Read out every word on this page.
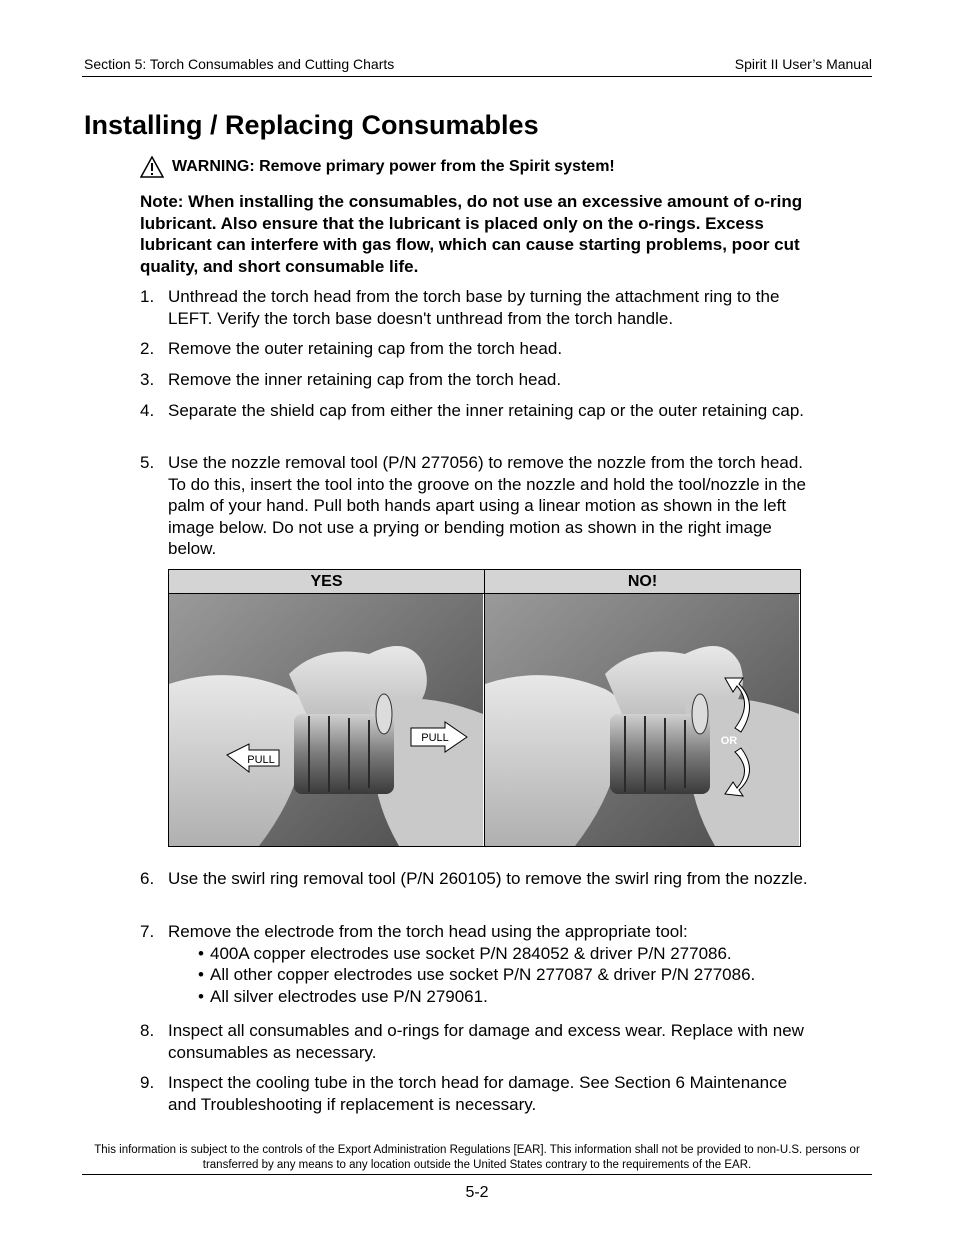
Section 5: Torch Consumables and Cutting Charts	Spirit II User’s Manual
Installing / Replacing Consumables
WARNING: Remove primary power from the Spirit system!
Note: When installing the consumables, do not use an excessive amount of o-ring lubricant. Also ensure that the lubricant is placed only on the o-rings. Excess lubricant can interfere with gas flow, which can cause starting problems, poor cut quality, and short consumable life.
1. Unthread the torch head from the torch base by turning the attachment ring to the LEFT. Verify the torch base doesn't unthread from the torch handle.
2. Remove the outer retaining cap from the torch head.
3. Remove the inner retaining cap from the torch head.
4. Separate the shield cap from either the inner retaining cap or the outer retaining cap.
5. Use the nozzle removal tool (P/N 277056) to remove the nozzle from the torch head. To do this, insert the tool into the groove on the nozzle and hold the tool/nozzle in the palm of your hand. Pull both hands apart using a linear motion as shown in the left image below. Do not use a prying or bending motion as shown in the right image below.
6. Use the swirl ring removal tool (P/N 260105) to remove the swirl ring from the nozzle.
7. Remove the electrode from the torch head using the appropriate tool:
• 400A copper electrodes use socket P/N 284052 & driver P/N 277086.
• All other copper electrodes use socket P/N 277087 & driver P/N 277086.
• All silver electrodes use P/N 279061.
8. Inspect all consumables and o-rings for damage and excess wear. Replace with new consumables as necessary.
9. Inspect the cooling tube in the torch head for damage. See Section 6 Maintenance and Troubleshooting if replacement is necessary.
YES	NO!

PULL
PULL	OR
This information is subject to the controls of the Export Administration Regulations [EAR]. This information shall not be provided to non-U.S. persons or transferred by any means to any location outside the United States contrary to the requirements of the EAR.
5-2
